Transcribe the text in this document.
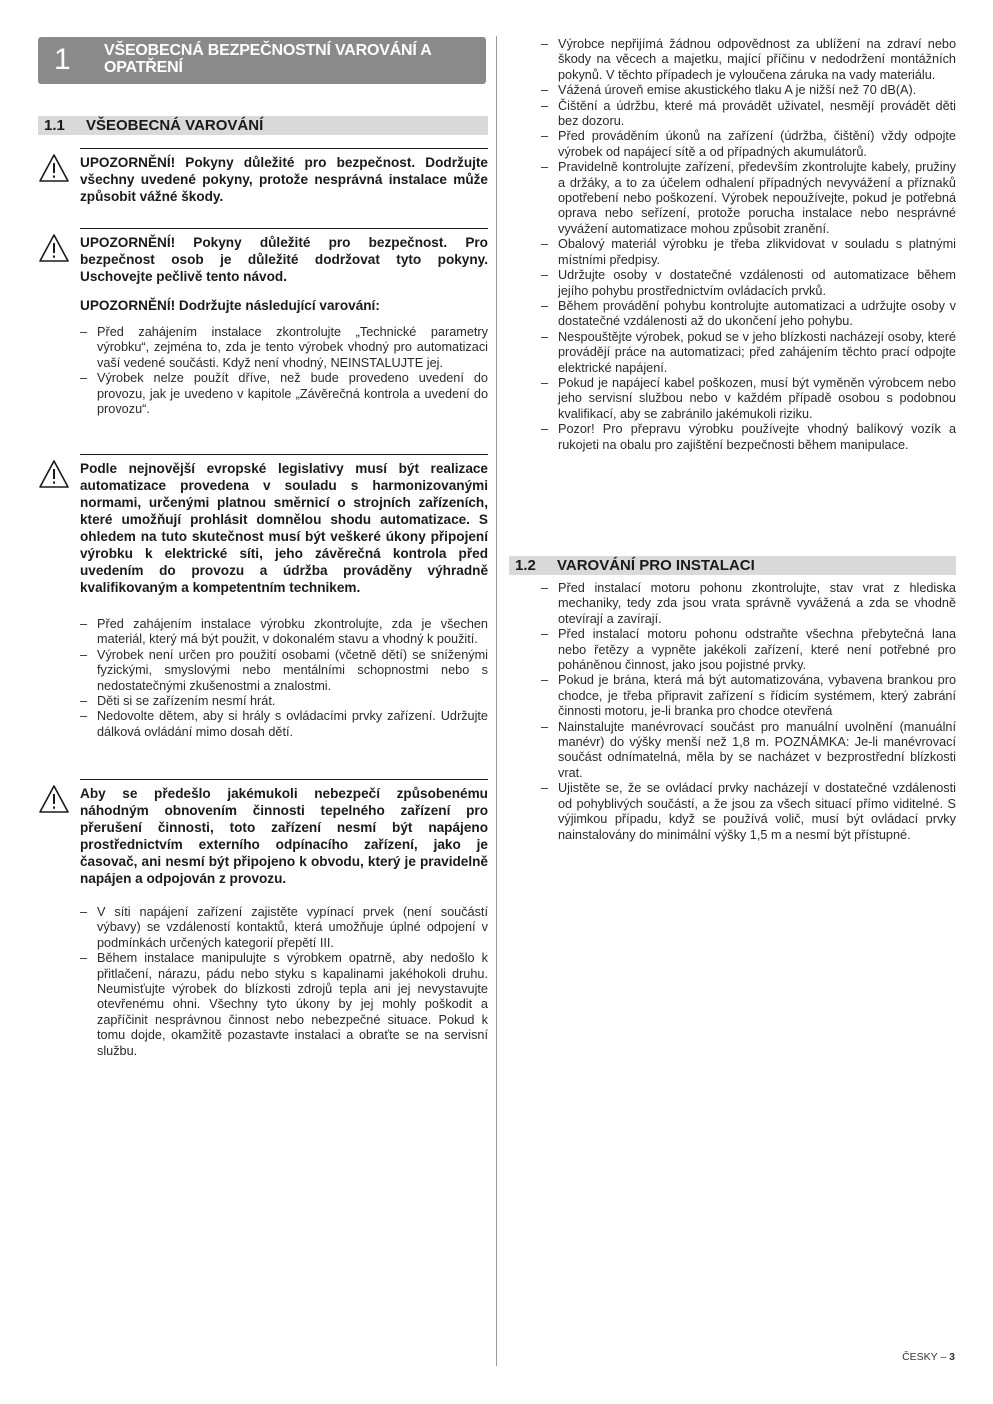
1 VŠEOBECNÁ BEZPEČNOSTNÍ VAROVÁNÍ A OPATŘENÍ
1.1 VŠEOBECNÁ VAROVÁNÍ
UPOZORNĚNÍ! Pokyny důležité pro bezpečnost. Dodržujte všechny uvedené pokyny, protože nesprávná instalace může způsobit vážné škody.
UPOZORNĚNÍ! Pokyny důležité pro bezpečnost. Pro bezpečnost osob je důležité dodržovat tyto pokyny. Uschovejte pečlivě tento návod.
UPOZORNĚNÍ! Dodržujte následující varování:
– Před zahájením instalace zkontrolujte „Technické parametry výrobku“, zejména to, zda je tento výrobek vhodný pro automatizaci vaší vedené součásti. Když není vhodný, NEINSTALUJTE jej.
– Výrobek nelze použít dříve, než bude provedeno uvedení do provozu, jak je uvedeno v kapitole „Závěrečná kontrola a uvedení do provozu“.
Podle nejnovější evropské legislativy musí být realizace automatizace provedena v souladu s harmonizovanými normami, určenými platnou směrnicí o strojních zařízeních, které umožňují prohlásit domnělou shodu automatizace. S ohledem na tuto skutečnost musí být veškeré úkony připojení výrobku k elektrické síti, jeho závěrečná kontrola před uvedením do provozu a údržba prováděny výhradně kvalifikovaným a kompetentním technikem.
– Před zahájením instalace výrobku zkontrolujte, zda je všechen materiál, který má být použit, v dokonalém stavu a vhodný k použití.
– Výrobek není určen pro použití osobami (včetně dětí) se sníženými fyzickými, smyslovými nebo mentálními schopnostmi nebo s nedostatečnými zkušenostmi a znalostmi.
– Děti si se zařízením nesmí hrát.
– Nedovolte dětem, aby si hrály s ovládacími prvky zařízení. Udržujte dálková ovládání mimo dosah dětí.
Aby se předešlo jakémukoli nebezpečí způsobenému náhodným obnovením činnosti tepelného zařízení pro přerušení činnosti, toto zařízení nesmí být napájeno prostřednictvím externího odpínacího zařízení, jako je časovač, ani nesmí být připojeno k obvodu, který je pravidelně napájen a odpojován z provozu.
– V síti napájení zařízení zajistěte vypínací prvek (není součástí výbavy) se vzdáleností kontaktů, která umožňuje úplné odpojení v podmínkách určených kategorií přepětí III.
– Během instalace manipulujte s výrobkem opatrně, aby nedošlo k přitlačení, nárazu, pádu nebo styku s kapalinami jakéhokoli druhu. Neumisťujte výrobek do blízkosti zdrojů tepla ani jej nevystavujte otevřenému ohni. Všechny tyto úkony by jej mohly poškodit a zapříčinit nesprávnou činnost nebo nebezpečné situace. Pokud k tomu dojde, okamžitě pozastavte instalaci a obraťte se na servisní službu.
– Výrobce nepřijímá žádnou odpovědnost za ublížení na zdraví nebo škody na věcech a majetku, mající příčinu v nedodržení montážních pokynů. V těchto případech je vyloučena záruka na vady materiálu.
– Vážená úroveň emise akustického tlaku A je nižší než 70 dB(A).
– Čištění a údržbu, které má provádět uživatel, nesmějí provádět děti bez dozoru.
– Před prováděním úkonů na zařízení (údržba, čištění) vždy odpojte výrobek od napájecí sítě a od případných akumulátorů.
– Pravidelně kontrolujte zařízení, především zkontrolujte kabely, pružiny a držáky, a to za účelem odhalení případných nevyvážení a příznaků opotřebení nebo poškození. Výrobek nepoužívejte, pokud je potřebná oprava nebo seřízení, protože porucha instalace nebo nesprávné vyvážení automatizace mohou způsobit zranění.
– Obalový materiál výrobku je třeba zlikvidovat v souladu s platnými místními předpisy.
– Udržujte osoby v dostatečné vzdálenosti od automatizace během jejího pohybu prostřednictvím ovládacích prvků.
– Během provádění pohybu kontrolujte automatizaci a udržujte osoby v dostatečné vzdálenosti až do ukončení jeho pohybu.
– Nespouštějte výrobek, pokud se v jeho blízkosti nacházejí osoby, které provádějí práce na automatizaci; před zahájením těchto prací odpojte elektrické napájení.
– Pokud je napájecí kabel poškozen, musí být vyměněn výrobcem nebo jeho servisní službou nebo v každém případě osobou s podobnou kvalifikací, aby se zabránilo jakémukoli riziku.
– Pozor! Pro přepravu výrobku používejte vhodný balíkový vozík a rukojeti na obalu pro zajištění bezpečnosti během manipulace.
1.2 VAROVÁNÍ PRO INSTALACI
– Před instalací motoru pohonu zkontrolujte, stav vrat z hlediska mechaniky, tedy zda jsou vrata správně vyvážená a zda se vhodně otevírají a zavírají.
– Před instalací motoru pohonu odstraňte všechna přebytečná lana nebo řetězy a vypněte jakékoli zařízení, které není potřebné pro poháněnou činnost, jako jsou pojistné prvky.
– Pokud je brána, která má být automatizována, vybavena brankou pro chodce, je třeba připravit zařízení s řídicím systémem, který zabrání činnosti motoru, je-li branka pro chodce otevřená
– Nainstalujte manévrovací součást pro manuální uvolnění (manuální manévr) do výšky menší než 1,8 m. POZNÁMKA: Je-li manévrovací součást odnímatelná, měla by se nacházet v bezprostřední blízkosti vrat.
– Ujistěte se, že se ovládací prvky nacházejí v dostatečné vzdálenosti od pohyblivých součástí, a že jsou za všech situací přímo viditelné. S výjimkou případu, když se používá volič, musí být ovládací prvky nainstalovány do minimální výšky 1,5 m a nesmí být přístupné.
ČESKY – 3
